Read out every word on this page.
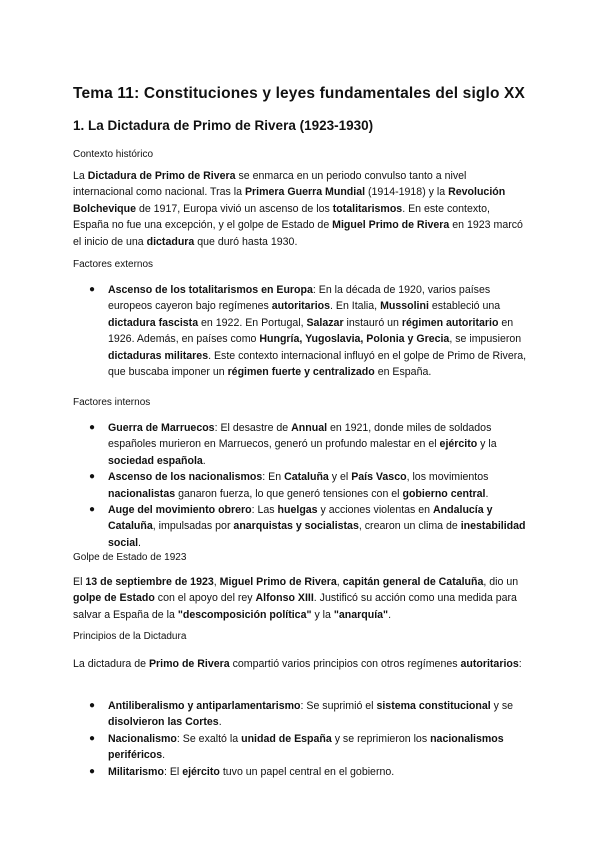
Tema 11: Constituciones y leyes fundamentales del siglo XX
1. La Dictadura de Primo de Rivera (1923-1930)
Contexto histórico

La Dictadura de Primo de Rivera se enmarca en un periodo convulso tanto a nivel internacional como nacional. Tras la Primera Guerra Mundial (1914-1918) y la Revolución Bolchevique de 1917, Europa vivió un ascenso de los totalitarismos. En este contexto, España no fue una excepción, y el golpe de Estado de Miguel Primo de Rivera en 1923 marcó el inicio de una dictadura que duró hasta 1930.

Factores externos
● Ascenso de los totalitarismos en Europa: En la década de 1920, varios países europeos cayeron bajo regímenes autoritarios. En Italia, Mussolini estableció una dictadura fascista en 1922. En Portugal, Salazar instauró un régimen autoritario en 1926. Además, en países como Hungría, Yugoslavia, Polonia y Grecia, se impusieron dictaduras militares. Este contexto internacional influyó en el golpe de Primo de Rivera, que buscaba imponer un régimen fuerte y centralizado en España.
Factores internos
● Guerra de Marruecos: El desastre de Annual en 1921, donde miles de soldados españoles murieron en Marruecos, generó un profundo malestar en el ejército y la sociedad española.
● Ascenso de los nacionalismos: En Cataluña y el País Vasco, los movimientos nacionalistas ganaron fuerza, lo que generó tensiones con el gobierno central.
● Auge del movimiento obrero: Las huelgas y acciones violentas en Andalucía y Cataluña, impulsadas por anarquistas y socialistas, crearon un clima de inestabilidad social.
Golpe de Estado de 1923

El 13 de septiembre de 1923, Miguel Primo de Rivera, capitán general de Cataluña, dio un golpe de Estado con el apoyo del rey Alfonso XIII. Justificó su acción como una medida para salvar a España de la "descomposición política" y la "anarquía".

Principios de la Dictadura

La dictadura de Primo de Rivera compartió varios principios con otros regímenes autoritarios:

● Antiliberalismo y antiparlamentarismo: Se suprimió el sistema constitucional y se disolvieron las Cortes.
● Nacionalismo: Se exaltó la unidad de España y se reprimieron los nacionalismos periféricos.
● Militarismo: El ejército tuvo un papel central en el gobierno.
